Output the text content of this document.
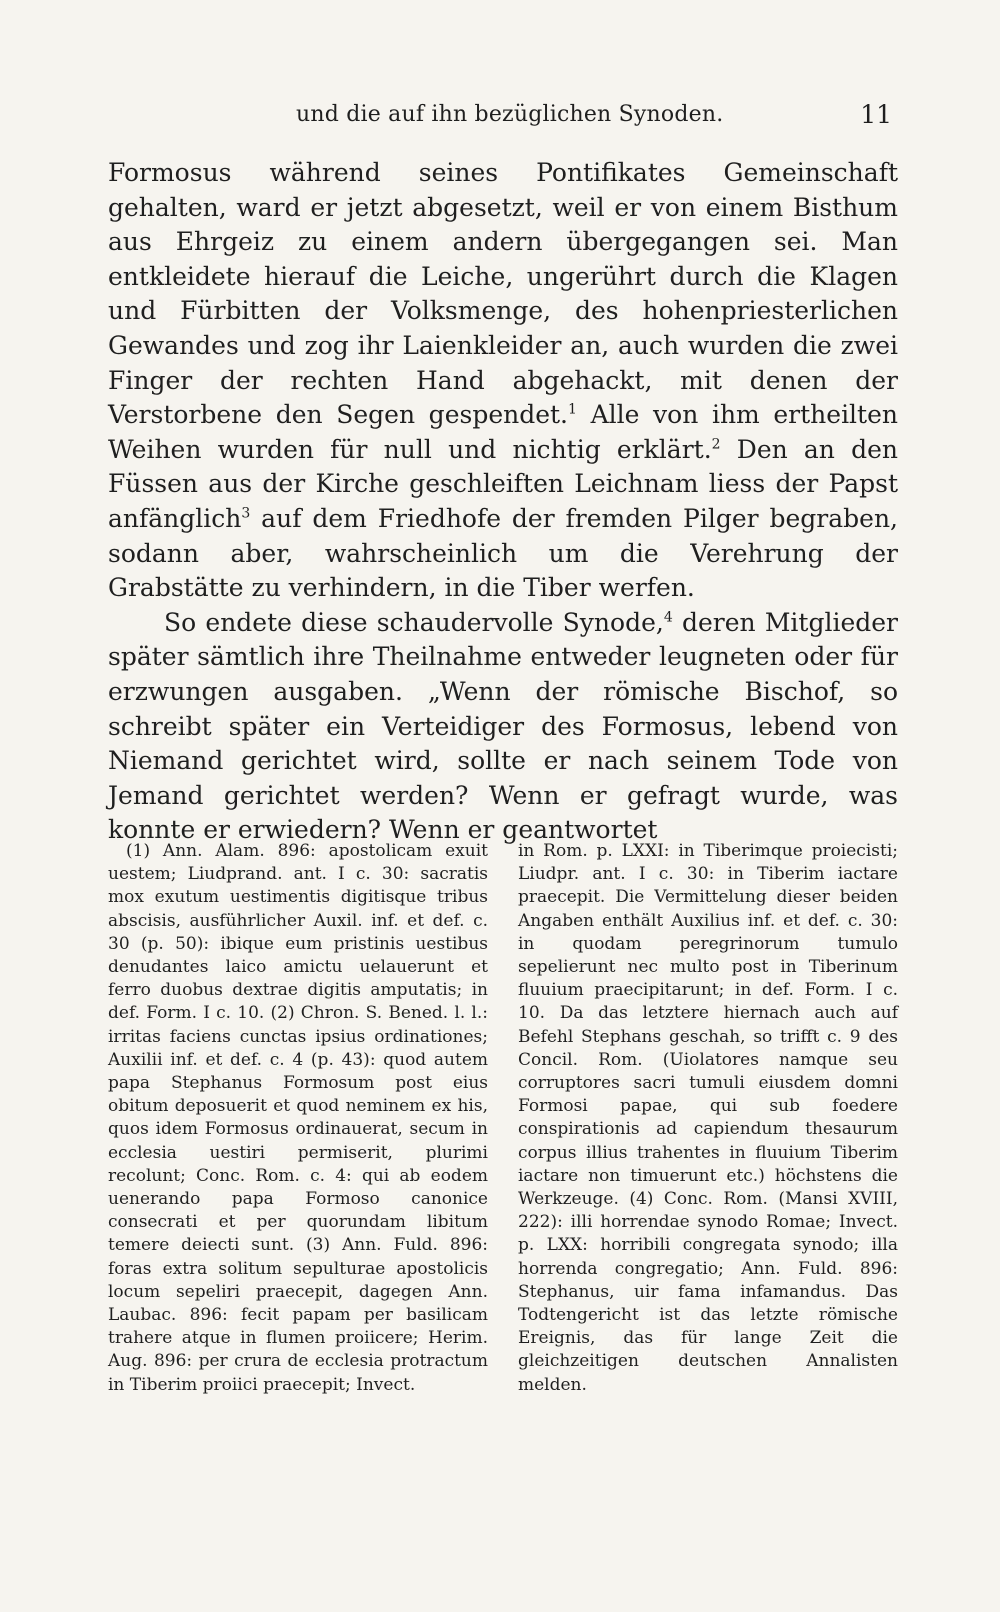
und die auf ihn bezüglichen Synoden.	11

Formosus während seines Pontifikates Gemeinschaft gehalten, ward er jetzt abgesetzt, weil er von einem Bisthum aus Ehrgeiz zu einem andern übergegangen sei. Man entkleidete hierauf die Leiche, ungerührt durch die Klagen und Fürbitten der Volksmenge, des hohenpriesterlichen Gewandes und zog ihr Laienkleider an, auch wurden die zwei Finger der rechten Hand abgehackt, mit denen der Verstorbene den Segen gespendet.$^1$ Alle von ihm ertheilten Weihen wurden für null und nichtig erklärt.$^2$ Den an den Füssen aus der Kirche geschleiften Leichnam liess der Papst anfänglich$^3$ auf dem Friedhofe der fremden Pilger begraben, sodann aber, wahrscheinlich um die Verehrung der Grabstätte zu verhindern, in die Tiber werfen.

So endete diese schaudervolle Synode,$^4$ deren Mitglieder später sämtlich ihre Theilnahme entweder leugneten oder für erzwungen ausgaben. „Wenn der römische Bischof, so schreibt später ein Verteidiger des Formosus, lebend von Niemand gerichtet wird, sollte er nach seinem Tode von Jemand gerichtet werden? Wenn er gefragt wurde, was konnte er erwiedern? Wenn er geantwortet

(1) Ann. Alam. 896: apostolicam exuit uestem; Liudprand. ant. I c. 30: sacratis mox exutum uestimentis digitisque tribus abscisis, ausführlicher Auxil. inf. et def. c. 30 (p. 50): ibique eum pristinis uestibus denudantes laico amictu uelauerunt et ferro duobus dextrae digitis amputatis; in def. Form. I c. 10. (2) Chron. S. Bened. l. l.: irritas faciens cunctas ipsius ordinationes; Auxilii inf. et def. c. 4 (p. 43): quod autem papa Stephanus Formosum post eius obitum deposuerit et quod neminem ex his, quos idem Formosus ordinauerat, secum in ecclesia uestiri permiserit, plurimi recolunt; Conc. Rom. c. 4: qui ab eodem uenerando papa Formoso canonice consecrati et per quorundam libitum temere deiecti sunt. (3) Ann. Fuld. 896: foras extra solitum sepulturae apostolicis locum sepeliri praecepit, dagegen Ann. Laubac. 896: fecit papam per basilicam trahere atque in flumen proiicere; Herim. Aug. 896: per crura de ecclesia protractum in Tiberim proiici praecepit; Invect.

in Rom. p. LXXI: in Tiberimque proiecisti; Liudpr. ant. I c. 30: in Tiberim iactare praecepit. Die Vermittelung dieser beiden Angaben enthält Auxilius inf. et def. c. 30: in quodam peregrinorum tumulo sepelierunt nec multo post in Tiberinum fluuium praecipitarunt; in def. Form. I c. 10. Da das letztere hiernach auch auf Befehl Stephans geschah, so trifft c. 9 des Concil. Rom. (Uiolatores namque seu corruptores sacri tumuli eiusdem domni Formosi papae, qui sub foedere conspirationis ad capiendum thesaurum corpus illius trahentes in fluuium Tiberim iactare non timuerunt etc.) höchstens die Werkzeuge. (4) Conc. Rom. (Mansi XVIII, 222): illi horrendae synodo Romae; Invect. p. LXX: horribili congregata synodo; illa horrenda congregatio; Ann. Fuld. 896: Stephanus, uir fama infamandus. Das Todtengericht ist das letzte römische Ereignis, das für lange Zeit die gleichzeitigen deutschen Annalisten melden.
